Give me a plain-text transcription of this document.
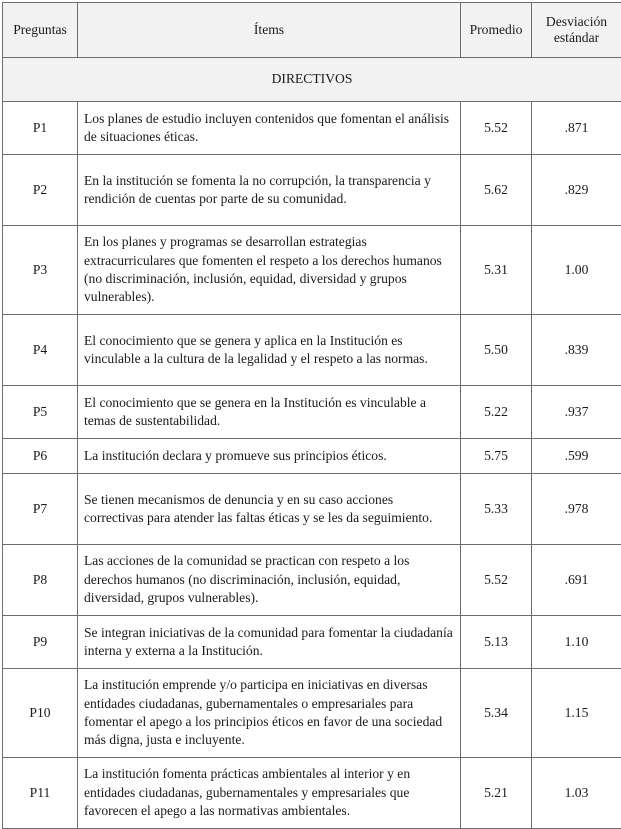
Preguntas	Ítems	Promedio	Desviación estándar
DIRECTIVOS			
P1	Los planes de estudio incluyen contenidos que fomentan el análisis de situaciones éticas.	5.52	.871
P2	En la institución se fomenta la no corrupción, la transparencia y rendición de cuentas por parte de su comunidad.	5.62	.829
P3	En los planes y programas se desarrollan estrategias extracurriculares que fomenten el respeto a los derechos humanos (no discriminación, inclusión, equidad, diversidad y grupos vulnerables).	5.31	1.00
P4	El conocimiento que se genera y aplica en la Institución es vinculable a la cultura de la legalidad y el respeto a las normas.	5.50	.839
P5	El conocimiento que se genera en la Institución es vinculable a temas de sustentabilidad.	5.22	.937
P6	La institución declara y promueve sus principios éticos.	5.75	.599
P7	Se tienen mecanismos de denuncia y en su caso acciones correctivas para atender las faltas éticas y se les da seguimiento.	5.33	.978
P8	Las acciones de la comunidad se practican con respeto a los derechos humanos (no discriminación, inclusión, equidad, diversidad, grupos vulnerables).	5.52	.691
P9	Se integran iniciativas de la comunidad para fomentar la ciudadanía interna y externa a la Institución.	5.13	1.10
P10	La institución emprende y/o participa en iniciativas en diversas entidades ciudadanas, gubernamentales o empresariales para fomentar el apego a los principios éticos en favor de una sociedad más digna, justa e incluyente.	5.34	1.15
P11	La institución fomenta prácticas ambientales al interior y en entidades ciudadanas, gubernamentales y empresariales que favorecen el apego a las normativas ambientales.	5.21	1.03
